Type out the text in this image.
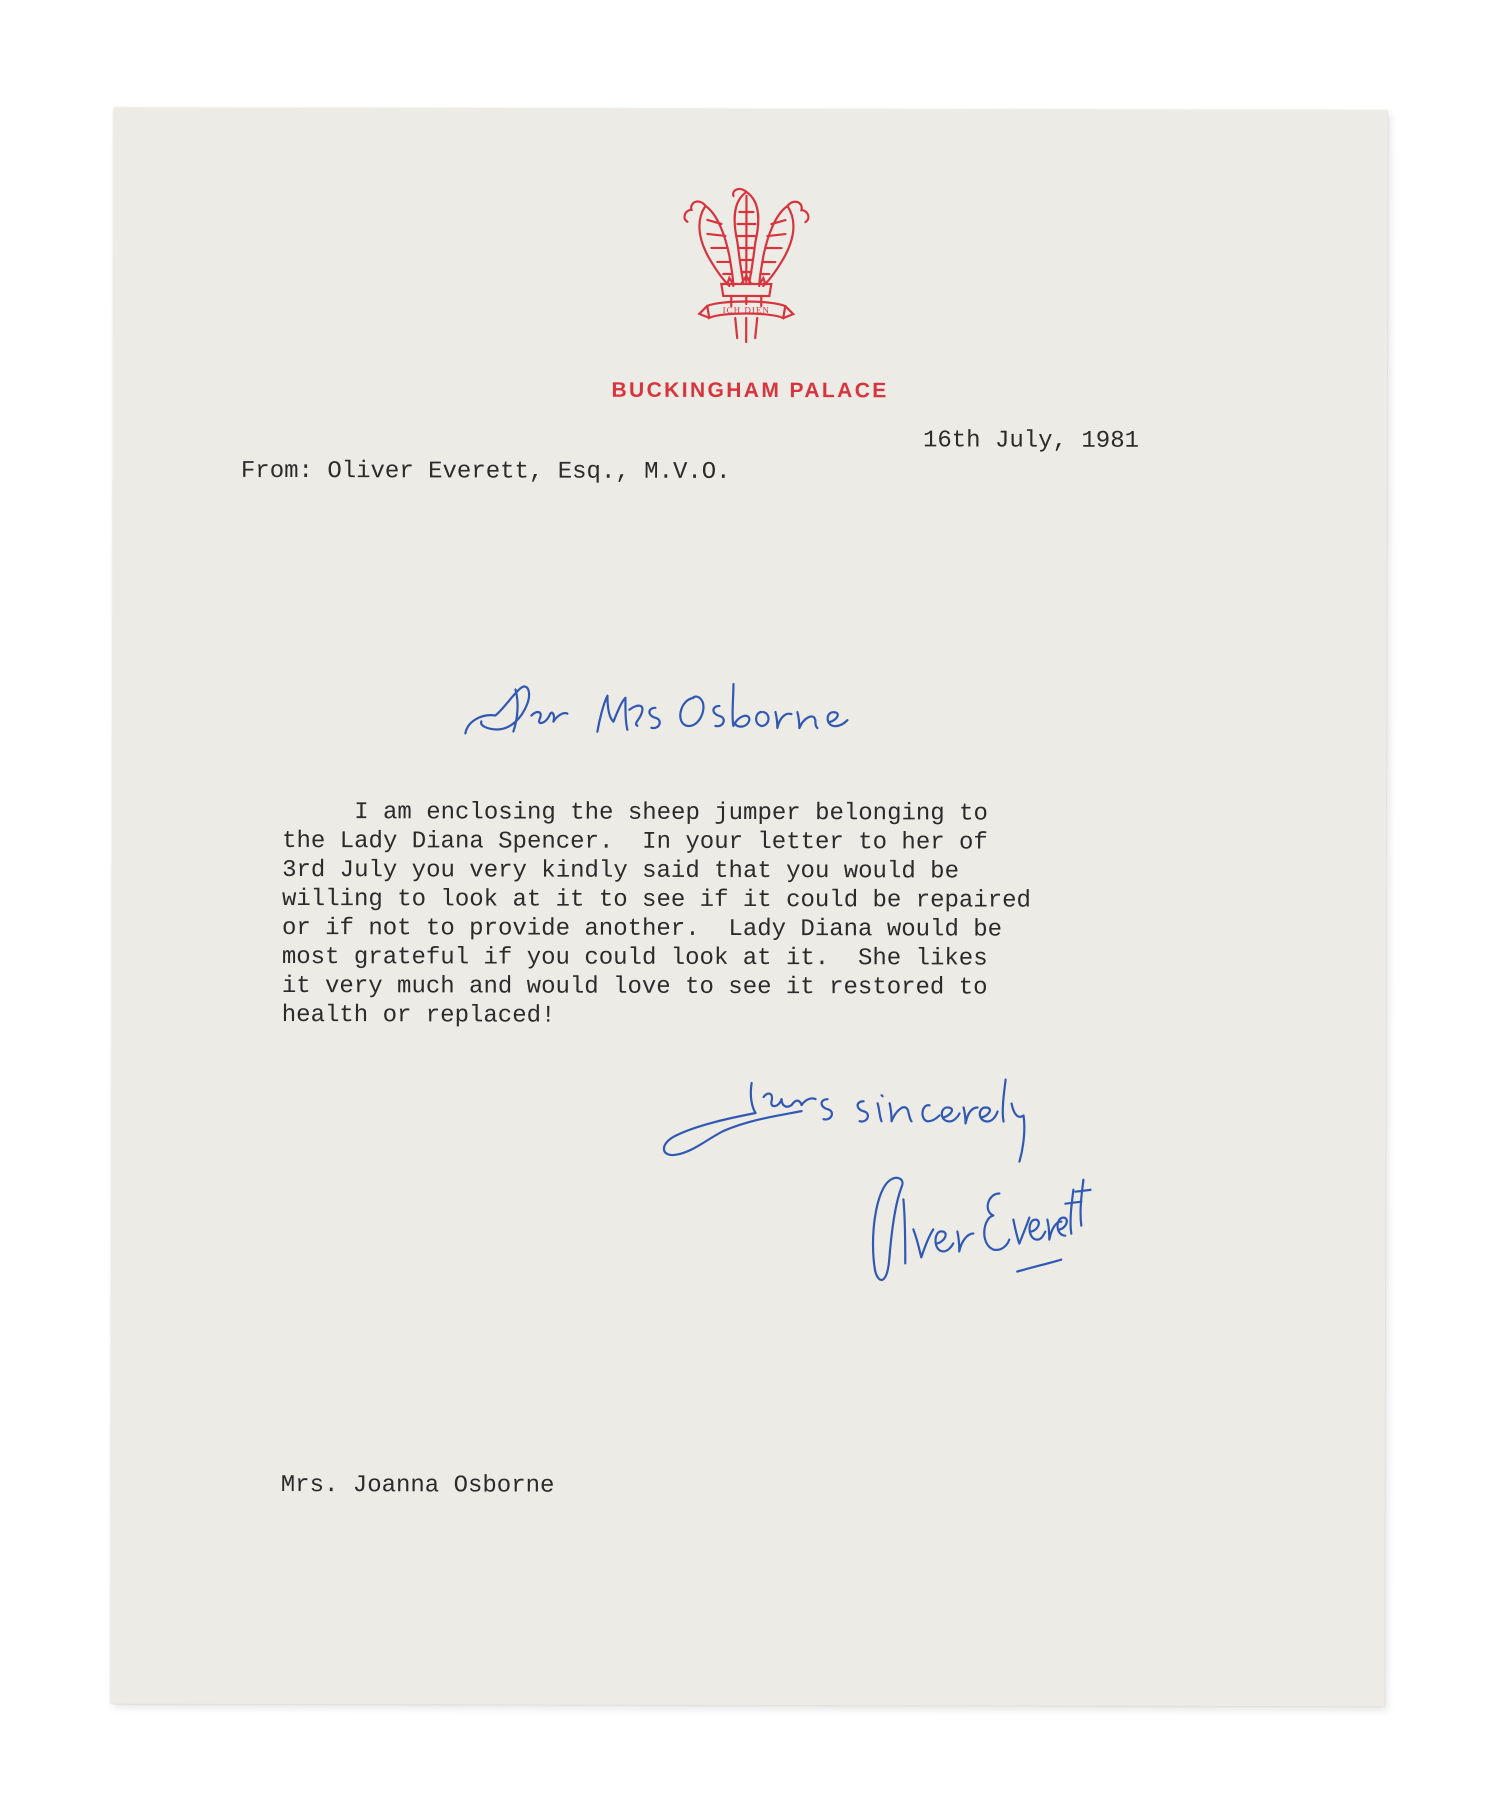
ICH DIEN
BUCKINGHAM PALACE
16th July, 1981
From: Oliver Everett, Esq., M.V.O.
I am enclosing the sheep jumper belonging to
the Lady Diana Spencer.  In your letter to her of
3rd July you very kindly said that you would be
willing to look at it to see if it could be repaired
or if not to provide another.  Lady Diana would be
most grateful if you could look at it.  She likes
it very much and would love to see it restored to
health or replaced!
Mrs. Joanna Osborne
